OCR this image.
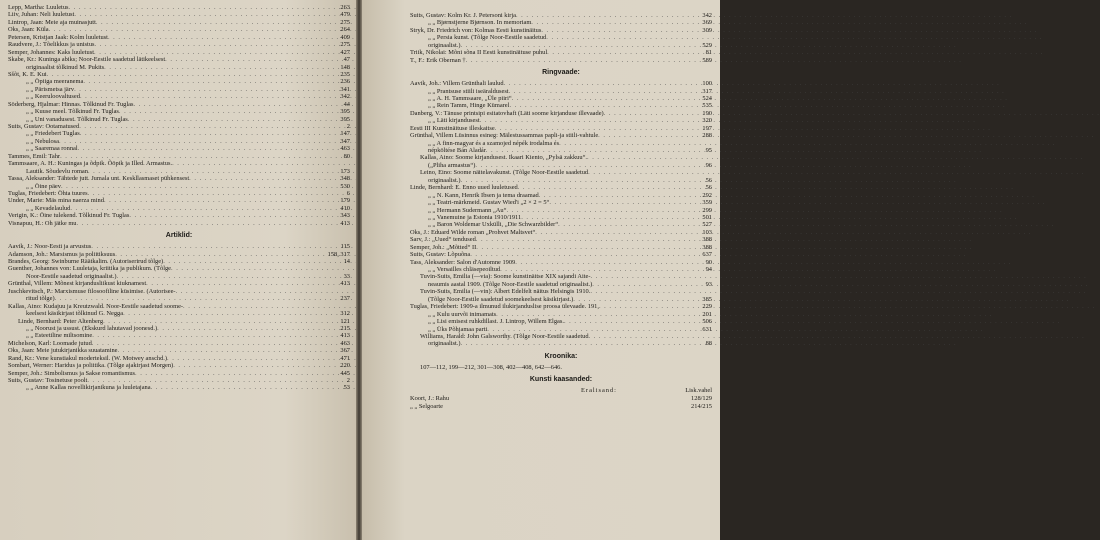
Lepp, Martha: Luuletus . . .	263
Liiv, Juhan: Neli luuletust . . .	479
Lintrop, Jaan: Meie aja muinasjutt . . .	275
Oks, Jaan: Küla . . .	264
Petersen, Kristjan Jaak: Kolm luuletust . . .	409
Raudvere, J.: Tõelikkus ja unistus . . .	275
Semper, Johannes: Kaks luuletust . . .	427
Skabe, Kr.: Kuninga abiks; Noor-Eestile saadetud lätikeelsest . . .	47
originaalist tõlkinud M. Pukits . . .	148
Sšõt, K. E. Kui . . .	235
„ „ Öpiiga meeranema . . .	236
„ „ Pärismetsa järv . . .	341
„ „ Keeruloovaltused . . .	342
Söderberg, Hjalmar: Hinnas. Tõlkinud Fr. Tuglas . . .	44
„ „ Kuuse meel. Tõlkinud Fr. Tuglas . . .	395
„ „ Uni vanadusest. Tõlkinud Fr. Tuglas . . .	395
Suits, Gustav: Ootamatused . . .	2
„ „ Friedebert Tuglas . . .	147
„ „ Nebulosa . . .	347
„ „ Saaremaa ronnal . . .	463
Tammes, Emil: Tahr . . .	80
Tammsaare, A. H.: Kuningas ja õdpik. Õöpik ja Illed. Armastus.
. . .
Lautik. Sõudevlu roman . . .	173
Tassa, Aleksander: Tähtede jutt. Jumala unt. Keskllasmaset pühkensest . . .	348
„ „ Öine päev . . .	530
Tuglas, Friedebert: Öhta tuures . . .	6
Under, Marie: Mäs mina naerza mind . . .	179
„ „ Kevadelaulud . . .	410
Verigin, K.: Öine tulekend. Tõlkinud Fr. Tuglas . . .	343
Visnapuu, H.: Oh jätke mu . . .	413
Artiklid:
Aavik, J.: Noor-Eesti ja arvustus . . .	115
Adamson, Joh.: Marsismus ja poliitiksuus . . .	158, 317
Brandes, Georg: Swinburne Räätkalim. (Autoriserirud tõlge) . . .	14
Guenther, Johannes von: Luuletaja, kriitika ja publikum. (Tõlge
. . .
Noor-Eestile saadetud originaalist.) . . .	33
Grünthal, Villem: Mõnest kirjandusliikust kiuknamest . . .	413
Juschkevitsch, P.: Marxismuse filosoofiline küsimise. (Autorisee-
. . .
ritud tõlge) . . .	237
Kallas, Aino: Kudajuu ja Kreutzwald. Noor-Eestile saadetud soome-
. . .
keelsest käsikirjast tõlkinud G. Negga . . .	312
Linde, Bernhard: Peter Altenberg . . .	121
„ „ Noorust ja ussust. (Ekskurd lahutavad joonesd.) . . .	215
„ „ Esteetiline miltsomine . . .	413
Michelson, Karl: Loomade jutud . . .	463
Oks, Jaan: Meie jutukirjanikka suuatamine . . .	367
Rand, Kr.: Vene kunstiakul moderteksil. (W. Motwey anschd.) . . .	471
Sombart, Werner: Haridus ja poliitika. (Tõlge ajakirjast Morgen) . . .	220
Semper, Joh.: Simbolismus ja Sakse romantismus . . .	445
Suits, Gustav: Tosinetuse poolt . . .	2
„ „ Anne Kallas novellikirjanikuna ja luuletajana . . .	53
Suits, Gustav: Kolm Kr. J. Petersoni kirja . . .	342
„ „ Bjørnstjerne Bjørnson. In memoriam . . .	369
Stryk, Dr. Friedrich von: Kolmas Eesti kunstinäitus . . .	309
„ „ Persia kunst. (Tõlge Noor-Eestile saadetud
. . .
originaalist.) . . .	529
Triik, Nikolai: Mõni sõna II Eesti kunstinäituse puhul . . .	81
T., F.: Erik Obernan † . . .	589
Ringvaade:
Aavik, Joh.: Villem Grünthali laulud . . .	100
„ „ Prantsuse stiili iseäraldusest . . .	317
„ „ A. H. Tammsaare, „Üle piiri“ . . .	524
„ „ Rein Tamm, Hinge Kümarel . . .	535
Danberg, V.: Tänuse printsipi esitatovhaft (Läti soome kirjanduse illevaade) . . .	190
„ „ Läti kirjandusest . . .	320
Eesti III Kunstinäituse illeskaitse . . .	197
Grünthal, Villem Lüsinnus esineg: Mälestussammas papli-ja stiili-vahtule . . .	288
„ „ A finn-magyar és a szamojed népék irodalma és
. . .
népköltése Bán Aladár . . .	95
Kallas, Aino: Soome kirjandusest. Ikaari Kiento, „Pylsä zakkuu“.
. . .
(„Pliha armastus“) . . .	96
Leino, Eino: Soome näitelavakunst. (Tõlge Noor-Eestile saadetud
. . .
originaalist.) . . .	56
Linde, Bernhard: E. Enno uued luuletused . . .	56
„ „ N. Kann, Henrik Ibsen ja tema draamad . . .	292
„ „ Teatri-märkmeid. Gustav Wied'i „2 × 2 = 5“ . . .	359
„ „ Hermann Sudermann „Au“ . . .	299
„ „ Vanemuine ja Estonia 1910/1911 . . .	501
„ „ Baron Woldemar Uxkülli, „Die Schwarzbilder“ . . .	527
Oks, J.: Eduard Wilde roman „Prohvet Maltsvet“ . . .	103
Sarv, J.: „Uued“ tendused . . .	388
Semper, Joh.: „Mõtted“ II . . .	388
Suits, Gustav: Lõpuõna . . .	637
Tass, Aleksander: Salon d'Automne 1909 . . .	90
„ „ Versailles chläsepeoiltud . . .	94
Tuvin-Suits, Emilia (—via): Soome kunstinäitse XIX sajandi Aite-
. . .
neaumis aastal 1909. (Tõlge Noor-Eestile saadetud originaalist.) . . .	93
Tuvin-Suits, Emilia (—vin): Albert Edelfelt näitus Helsingis 1910.
. . .
(Tõlge Noor-Eestile saadetud soomekeelsest käsikirjast.) . . .	385
Tuglas, Friedebert: 1909-a ilmunud ilukirjanduslise proosa ülevaade. 191, . . .	229
„ „ Kulu uurvõi inimamats . . .	201
„ „ Lisi emisest ruhkdillast. J. Lintrop, Willem Elgas. . . .	506
„ „ Üks Põhjamaa parti . . .	631
Williams, Harald: John Galsworthy. (Tõlge Noor-Eestile saadetud
. . .
originaalist.) . . .	88
Kroonika:
107—112, 199—212, 301—308, 402—408, 642—646.
Kunsti kaasanded:
Eralisand:	Lisk.vahel
Koort, J.: Rahu	128/129
„ „ Selgoarte	214/215
